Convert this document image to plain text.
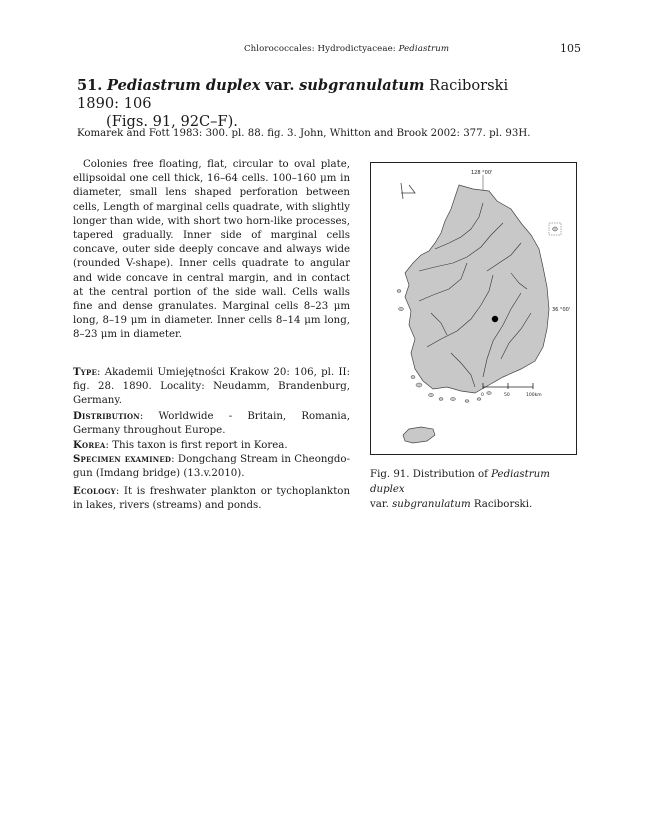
Chlorococcales: Hydrodictyaceae: Pediastrum	105
51. Pediastrum duplex var. subgranulatum Raciborski 1890: 106
(Figs. 91, 92C–F).
Komarek and Fott 1983: 300. pl. 88. fig. 3. John, Whitton and Brook 2002: 377. pl. 93H.
Colonies free floating, flat, circular to oval plate, ellipsoidal one cell thick, 16–64 cells. 100–160 μm in diameter, small lens shaped perforation between cells, Length of marginal cells quadrate, with slightly longer than wide, with short two horn-like processes, tapered gradually. Inner side of marginal cells concave, outer side deeply concave and always wide (rounded V-shape). Inner cells quadrate to angular and wide concave in central margin, and in contact at the central portion of the side wall. Cells walls fine and dense granulates. Marginal cells 8–23 μm long, 8–19 μm in diameter. Inner cells 8–14 μm long, 8–23 μm in diameter.
Type: Akademii Umiejętności Krakow 20: 106, pl. II: fig. 28. 1890. Locality: Neudamm, Brandenburg, Germany.
Distribution: Worldwide - Britain, Romania, Germany throughout Europe.
Korea: This taxon is first report in Korea.
Specimen examined: Dongchang Stream in Cheongdo-gun (Imdang bridge) (13.v.2010).
Ecology: It is freshwater plankton or tychoplankton in lakes, rivers (streams) and ponds.
128 °00'
36 °00'
0	50	100km
Fig. 91. Distribution of Pediastrum duplex
var. subgranulatum Raciborski.
